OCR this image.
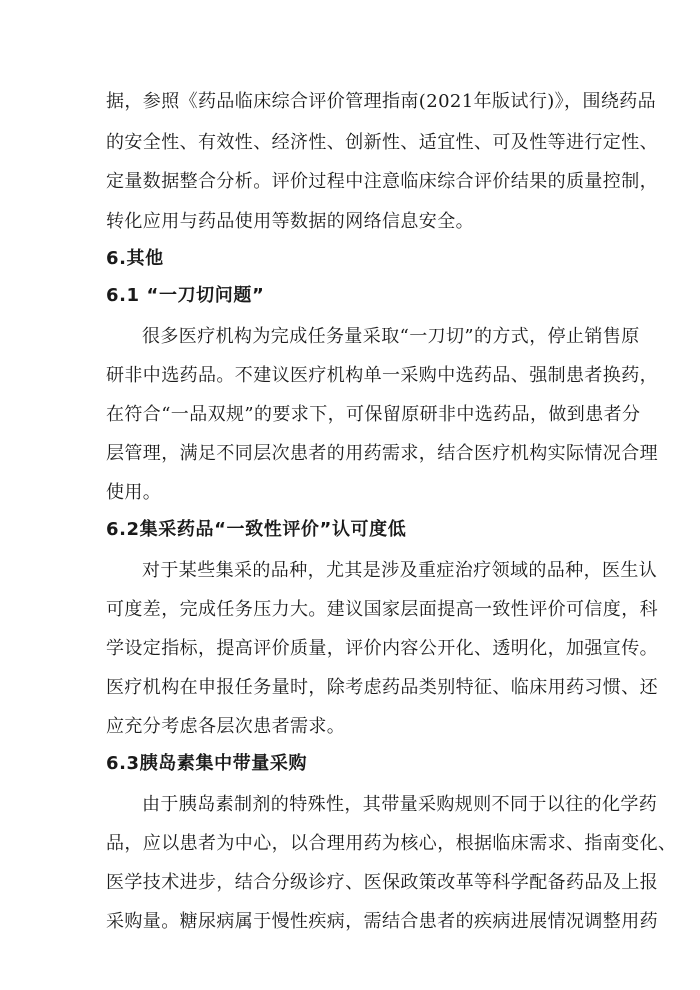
据，参照《药品临床综合评价管理指南(2021年版试行)》，围绕药品
的安全性、有效性、经济性、创新性、适宜性、可及性等进行定性、
定量数据整合分析。评价过程中注意临床综合评价结果的质量控制，
转化应用与药品使用等数据的网络信息安全。
6.其他
6.1 “一刀切问题”
很多医疗机构为完成任务量采取“一刀切”的方式，停止销售原
研非中选药品。不建议医疗机构单一采购中选药品、强制患者换药，
在符合“一品双规”的要求下，可保留原研非中选药品，做到患者分
层管理，满足不同层次患者的用药需求，结合医疗机构实际情况合理
使用。
6.2集采药品“一致性评价”认可度低
对于某些集采的品种，尤其是涉及重症治疗领域的品种，医生认
可度差，完成任务压力大。建议国家层面提高一致性评价可信度，科
学设定指标，提高评价质量，评价内容公开化、透明化，加强宣传。
医疗机构在申报任务量时，除考虑药品类别特征、临床用药习惯、还
应充分考虑各层次患者需求。
6.3胰岛素集中带量采购
由于胰岛素制剂的特殊性，其带量采购规则不同于以往的化学药
品，应以患者为中心，以合理用药为核心，根据临床需求、指南变化、
医学技术进步，结合分级诊疗、医保政策改革等科学配备药品及上报
采购量。糖尿病属于慢性疾病，需结合患者的疾病进展情况调整用药
